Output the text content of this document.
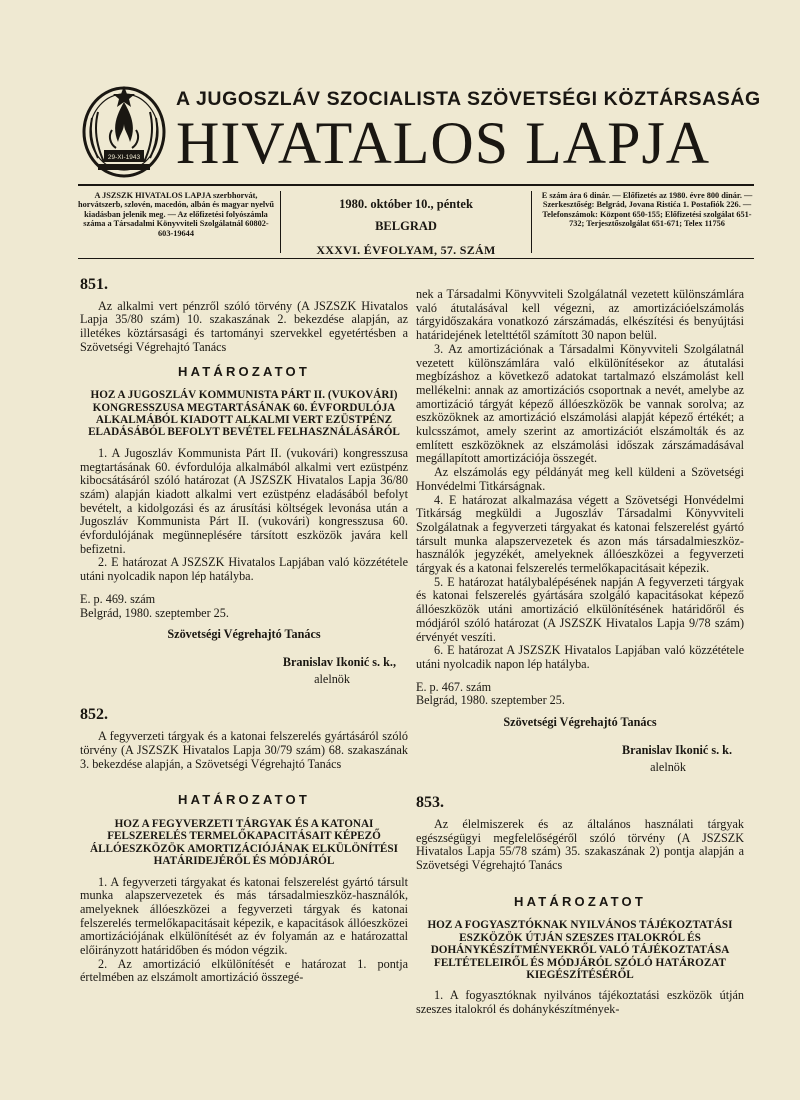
29-XI-1943
A JUGOSZLÁV SZOCIALISTA SZÖVETSÉGI KÖZTÁRSASÁG
HIVATALOS LAPJA
A JSZSZK HIVATALOS LAPJA szerbhorvát, horvátszerb, szlovén, macedón, albán és magyar nyelvű kiadásban jelenik meg. — Az előfizetési folyószámla száma a Társadalmi Könyvviteli Szolgálatnál 60802-603-19644
1980. október 10., péntek
BELGRAD
XXXVI. ÉVFOLYAM, 57. SZÁM
E szám ára 6 dinár. — Előfizetés az 1980. évre 800 dinár. — Szerkesztőség: Belgrád, Jovana Ristića 1. Postafiók 226. — Telefonszámok: Központ 650-155; Előfizetési szolgálat 651-732; Terjesztőszolgálat 651-671; Telex 11756

851.

Az alkalmi vert pénzről szóló törvény (A JSZSZK Hivatalos Lapja 35/80 szám) 10. szakaszának 2. bekezdése alapján, az illetékes köztársasági és tartományi szervekkel egyetértésben a Szövetségi Végrehajtó Tanács

HATÁROZATOT

HOZ A JUGOSZLÁV KOMMUNISTA PÁRT II. (VUKOVÁRI) KONGRESSZUSA MEGTARTÁSÁNAK 60. ÉVFORDULÓJA ALKALMÁBÓL KIADOTT ALKALMI VERT EZÜSTPÉNZ ELADÁSÁBÓL BEFOLYT BEVÉTEL FELHASZNÁLÁSÁRÓL

1. A Jugoszláv Kommunista Párt II. (vukovári) kongresszusa megtartásának 60. évfordulója alkalmából alkalmi vert ezüstpénz kibocsátásáról szóló határozat (A JSZSZK Hivatalos Lapja 36/80 szám) alapján kiadott alkalmi vert ezüstpénz eladásából befolyt bevételt, a kidolgozási és az árusítási költségek levonása után a Jugoszláv Kommunista Párt II. (vukovári) kongresszusa 60. évfordulójának megünneplésére társított eszközök javára kell befizetni.

2. E határozat A JSZSZK Hivatalos Lapjában való közzététele utáni nyolcadik napon lép hatályba.

E. p. 469. szám

Belgrád, 1980. szeptember 25.

Szövetségi Végrehajtó Tanács

Branislav Ikonić s. k.,

alelnök

852.

A fegyverzeti tárgyak és a katonai felszerelés gyártásáról szóló törvény (A JSZSZK Hivatalos Lapja 30/79 szám) 68. szakaszának 3. bekezdése alapján, a Szövetségi Végrehajtó Tanács

HATÁROZATOT

HOZ A FEGYVERZETI TÁRGYAK ÉS A KATONAI FELSZERELÉS TERMELŐKAPACITÁSAIT KÉPEZŐ ÁLLÓESZKÖZÖK AMORTIZÁCIÓJÁNAK ELKÜLÖNÍTÉSI HATÁRIDEJÉRŐL ÉS MÓDJÁRÓL

1. A fegyverzeti tárgyakat és katonai felszerelést gyártó társult munka alapszervezetek és más társadalmieszköz-használók, amelyeknek állóeszközei a fegyverzeti tárgyak és katonai felszerelés termelőkapacitásait képezik, e kapacitások állóeszközei amortizációjának elkülönítését az év folyamán az e határozattal előirányzott határidőben és módon végzik.

2. Az amortizáció elkülönítését e határozat 1. pontja értelmében az elszámolt amortizáció összegé-

nek a Társadalmi Könyvviteli Szolgálatnál vezetett különszámlára való átutalásával kell végezni, az amortizációelszámolás tárgyidőszakára vonatkozó zárszámadás, elkészítési és benyújtási határidejének letelttétől számított 30 napon belül.

3. Az amortizációnak a Társadalmi Könyvviteli Szolgálatnál vezetett különszámlára való elkülönítésekor az átutalási megbízáshoz a következő adatokat tartalmazó elszámolást kell mellékelni: annak az amortizációs csoportnak a nevét, amelybe az amortizáció tárgyát képező állóeszközök be vannak sorolva; az eszközöknek az amortizáció elszámolási alapját képező értékét; a kulcsszámot, amely szerint az amortizációt elszámolták és az említett eszközöknek az elszámolási időszak zárszámadásával megállapított amortizációja összegét.

Az elszámolás egy példányát meg kell küldeni a Szövetségi Honvédelmi Titkárságnak.

4. E határozat alkalmazása végett a Szövetségi Honvédelmi Titkárság megküldi a Jugoszláv Társadalmi Könyvviteli Szolgálatnak a fegyverzeti tárgyakat és katonai felszerelést gyártó társult munka alapszervezetek és azon más társadalmieszköz-használók jegyzékét, amelyeknek állóeszközei a fegyverzeti tárgyak és a katonai felszerelés termelőkapacitásait képezik.

5. E határozat hatálybalépésének napján A fegyverzeti tárgyak és katonai felszerelés gyártására szolgáló kapacitásokat képező állóeszközök utáni amortizáció elkülönítésének határidőről és módjáról szóló határozat (A JSZSZK Hivatalos Lapja 9/78 szám) érvényét veszíti.

6. E határozat A JSZSZK Hivatalos Lapjában való közzététele utáni nyolcadik napon lép hatályba.

E. p. 467. szám

Belgrád, 1980. szeptember 25.

Szövetségi Végrehajtó Tanács

Branislav Ikonić s. k.

alelnök

853.

Az élelmiszerek és az általános használati tárgyak egészségügyi megfelelőségéről szóló törvény (A JSZSZK Hivatalos Lapja 55/78 szám) 35. szakaszának 2) pontja alapján a Szövetségi Végrehajtó Tanács

HATÁROZATOT

HOZ A FOGYASZTÓKNAK NYILVÁNOS TÁJÉKOZTATÁSI ESZKÖZÖK ÚTJÁN SZESZES ITALOKRÓL ÉS DOHÁNYKÉSZÍTMÉNYEKRŐL VALÓ TÁJÉKOZTATÁSA FELTÉTELEIRŐL ÉS MÓDJÁRÓL SZÓLÓ HATÁROZAT KIEGÉSZÍTÉSÉRŐL

1. A fogyasztóknak nyilvános tájékoztatási eszközök útján szeszes italokról és dohánykészítmények-
